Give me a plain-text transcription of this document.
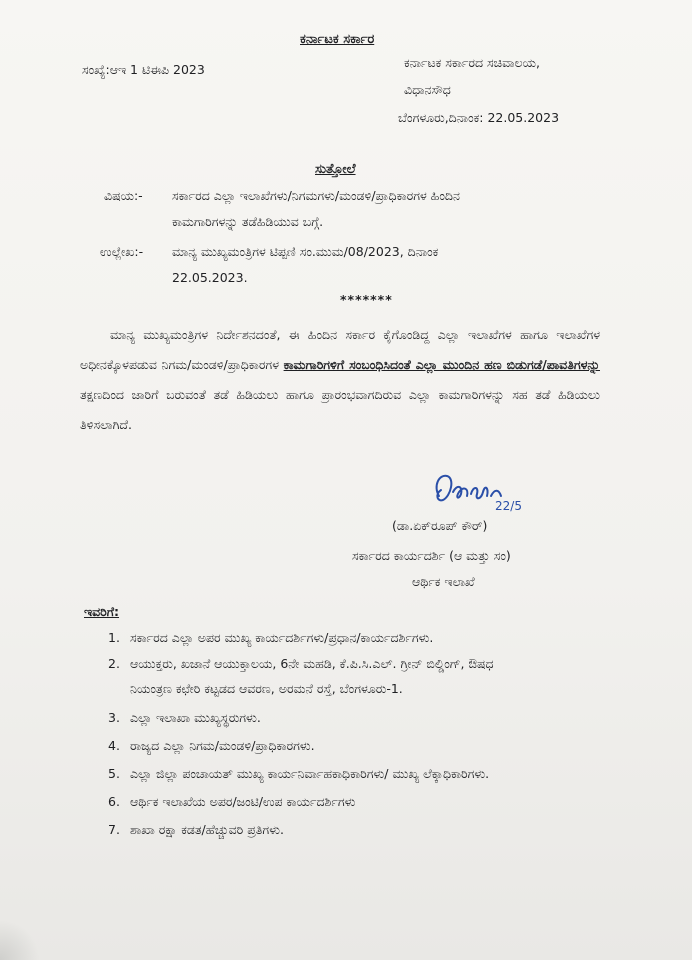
ಕರ್ನಾಟಕ ಸರ್ಕಾರ
ಸಂಖ್ಯೆ:ಆಇ 1 ಟಿಈಪಿ 2023	ಕರ್ನಾಟಕ ಸರ್ಕಾರದ ಸಚಿವಾಲಯ,
ವಿಧಾನಸೌಧ
ಬೆಂಗಳೂರು,ದಿನಾಂಕ: 22.05.2023
ಸುತ್ತೋಲೆ
ವಿಷಯ:- ಸರ್ಕಾರದ ಎಲ್ಲಾ ಇಲಾಖೆಗಳು/ನಿಗಮಗಳು/ಮಂಡಳಿ/ಪ್ರಾಧಿಕಾರಗಳ ಹಿಂದಿನ
ಕಾಮಗಾರಿಗಳನ್ನು ತಡೆಹಿಡಿಯುವ ಬಗ್ಗೆ.
ಉಲ್ಲೇಖ:- ಮಾನ್ಯ ಮುಖ್ಯಮಂತ್ರಿಗಳ ಟಿಪ್ಪಣಿ ಸಂ.ಮುಮ/08/2023, ದಿನಾಂಕ
22.05.2023.
*******
ಮಾನ್ಯ ಮುಖ್ಯಮಂತ್ರಿಗಳ ನಿರ್ದೇಶನದಂತೆ, ಈ ಹಿಂದಿನ ಸರ್ಕಾರ ಕೈಗೊಂಡಿದ್ದ ಎಲ್ಲಾ ಇಲಾಖೆಗಳ ಹಾಗೂ ಇಲಾಖೆಗಳ ಅಧೀನಕ್ಕೊಳಪಡುವ ನಿಗಮ/ಮಂಡಳಿ/ಪ್ರಾಧಿಕಾರಗಳ ಕಾಮಗಾರಿಗಳಿಗೆ ಸಂಬಂಧಿಸಿದಂತೆ ಎಲ್ಲಾ ಮುಂದಿನ ಹಣ ಬಿಡುಗಡೆ/ಪಾವತಿಗಳನ್ನು ತಕ್ಷಣದಿಂದ ಜಾರಿಗೆ ಬರುವಂತೆ ತಡೆ ಹಿಡಿಯಲು ಹಾಗೂ ಪ್ರಾರಂಭವಾಗದಿರುವ ಎಲ್ಲಾ ಕಾಮಗಾರಿಗಳನ್ನು ಸಹ ತಡೆ ಹಿಡಿಯಲು ತಿಳಿಸಲಾಗಿದೆ.
22/5
(ಡಾ.ಏಕ್‌ರೂಪ್ ಕೌರ್)
ಸರ್ಕಾರದ ಕಾರ್ಯದರ್ಶಿ (ಆ ಮತ್ತು ಸಂ)
ಆರ್ಥಿಕ ಇಲಾಖೆ
ಇವರಿಗೆ:
1. ಸರ್ಕಾರದ ಎಲ್ಲಾ ಅಪರ ಮುಖ್ಯ ಕಾರ್ಯದರ್ಶಿಗಳು/ಪ್ರಧಾನ/ಕಾರ್ಯದರ್ಶಿಗಳು.
2. ಆಯುಕ್ತರು, ಖಜಾನೆ ಆಯುಕ್ತಾಲಯ, 6ನೇ ಮಹಡಿ, ಕೆ.ಪಿ.ಸಿ.ಎಲ್. ಗ್ರೀನ್ ಬಿಲ್ಡಿಂಗ್, ಔಷಧ
ನಿಯಂತ್ರಣ ಕಛೇರಿ ಕಟ್ಟಡದ ಆವರಣ, ಅರಮನೆ ರಸ್ತೆ, ಬೆಂಗಳೂರು-1.
3. ಎಲ್ಲಾ ಇಲಾಖಾ ಮುಖ್ಯಸ್ಥರುಗಳು.
4. ರಾಜ್ಯದ ಎಲ್ಲಾ ನಿಗಮ/ಮಂಡಳಿ/ಪ್ರಾಧಿಕಾರಗಳು.
5. ಎಲ್ಲಾ ಜಿಲ್ಲಾ ಪಂಚಾಯತ್ ಮುಖ್ಯ ಕಾರ್ಯನಿರ್ವಾಹಕಾಧಿಕಾರಿಗಳು/ ಮುಖ್ಯ ಲೆಕ್ಕಾಧಿಕಾರಿಗಳು.
6. ಆರ್ಥಿಕ ಇಲಾಖೆಯ ಅಪರ/ಜಂಟಿ/ಉಪ ಕಾರ್ಯದರ್ಶಿಗಳು
7. ಶಾಖಾ ರಕ್ಷಾ ಕಡತ/ಹೆಚ್ಚುವರಿ ಪ್ರತಿಗಳು.
